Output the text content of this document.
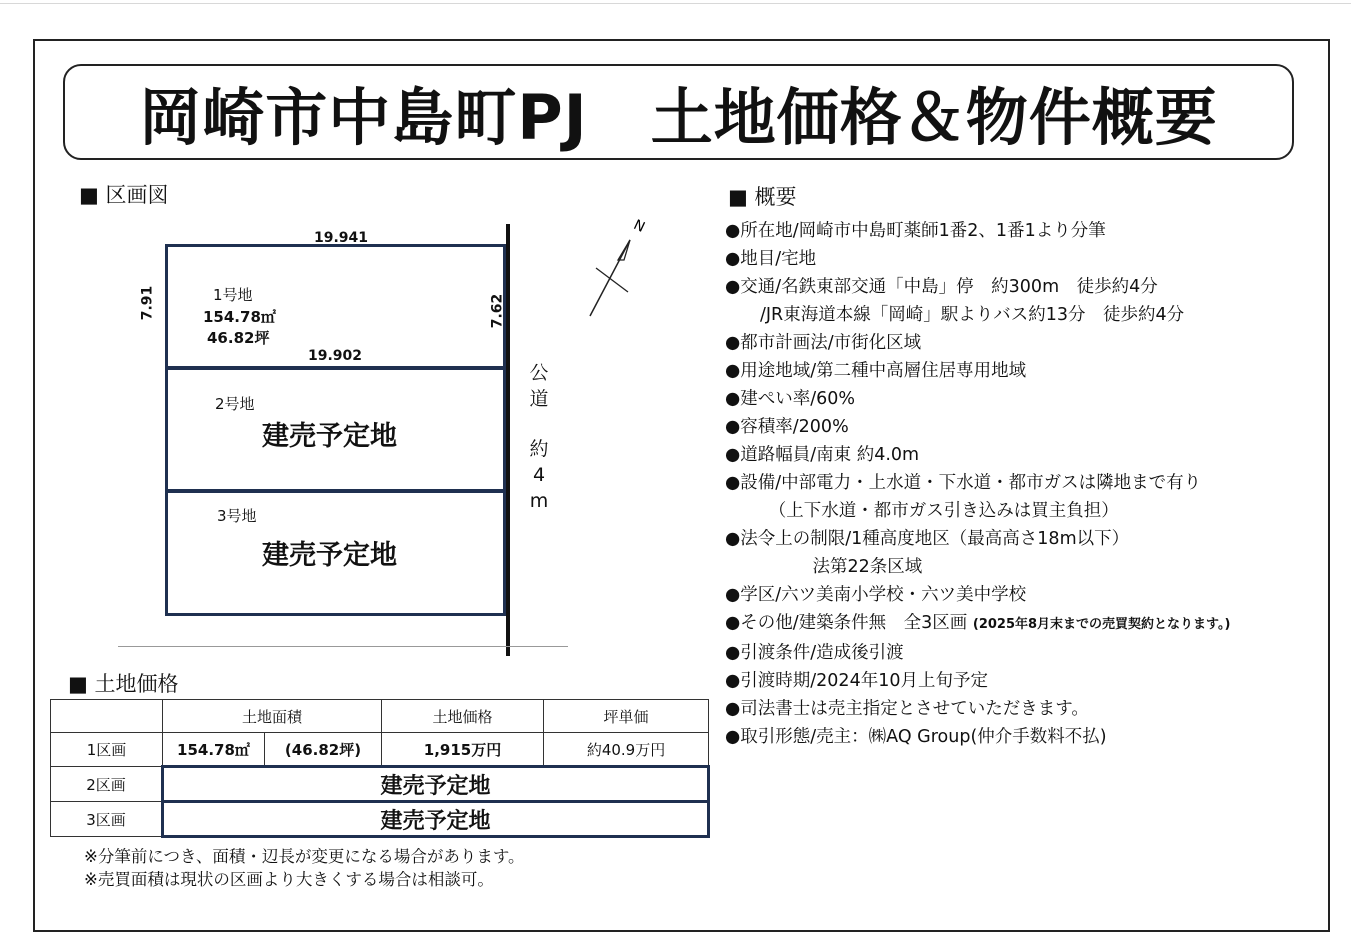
岡崎市中島町PJ　土地価格＆物件概要
■ 区画図
19.941
7.91	7.62
19.902
1号地
154.78㎡
46.82坪
2号地
建売予定地
3号地
建売予定地
公
道
約
4
m
N
■ 土地価格
	土地面積		土地価格	坪単価
1区画	154.78㎡	(46.82坪)	1,915万円	約40.9万円
2区画	建売予定地			
3区画	建売予定地			
※分筆前につき、面積・辺長が変更になる場合があります。
※売買面積は現状の区画より大きくする場合は相談可。
■ 概要
●所在地/岡崎市中島町薬師1番2、1番1より分筆
●地目/宅地
●交通/名鉄東部交通「中島」停　約300m　徒歩約4分
　　/JR東海道本線「岡崎」駅よりバス約13分　徒歩約4分
●都市計画法/市街化区域
●用途地域/第二種中高層住居専用地域
●建ぺい率/60%
●容積率/200%
●道路幅員/南東 約4.0m
●設備/中部電力・上水道・下水道・都市ガスは隣地まで有り
　　　（上下水道・都市ガス引き込みは買主負担）
●法令上の制限/1種高度地区（最高高さ18m以下）
　　　　　法第22条区域
●学区/六ツ美南小学校・六ツ美中学校
●その他/建築条件無　全3区画 (2025年8月末までの売買契約となります。)
●引渡条件/造成後引渡
●引渡時期/2024年10月上旬予定
●司法書士は売主指定とさせていただきます。
●取引形態/売主：㈱AQ Group(仲介手数料不払)
